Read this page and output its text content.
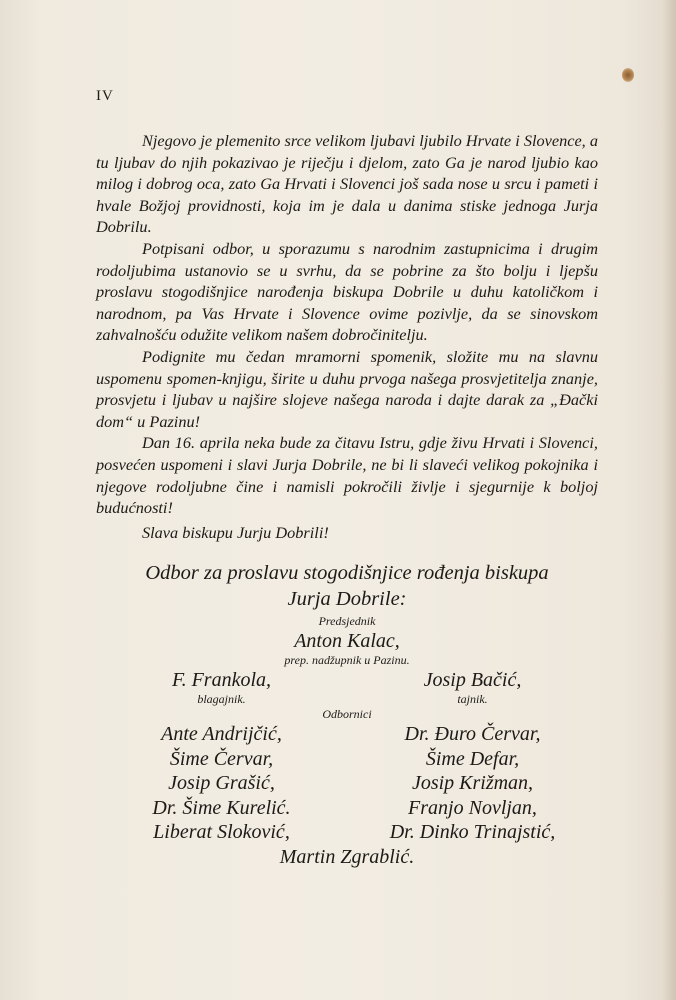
IV

Njegovo je plemenito srce velikom ljubavi ljubilo Hrvate i Slovence, a tu ljubav do njih pokazivao je riječju i djelom, zato Ga je narod ljubio kao milog i dobrog oca, zato Ga Hrvati i Slovenci još sada nose u srcu i pameti i hvale Božjoj providnosti, koja im je dala u danima stiske jednoga Jurja Dobrilu.

Potpisani odbor, u sporazumu s narodnim zastupnicima i drugim rodoljubima ustanovio se u svrhu, da se pobrine za što bolju i ljepšu proslavu stogodišnjice narođenja biskupa Dobrile u duhu katoličkom i narodnom, pa Vas Hrvate i Slovence ovime pozivlje, da se sinovskom zahvalnošću odužite velikom našem dobročinitelju.

Podignite mu čedan mramorni spomenik, složite mu na slavnu uspomenu spomen-knjigu, širite u duhu prvoga našega prosvjetitelja znanje, prosvjetu i ljubav u najšire slojeve našega naroda i dajte darak za „Đački dom“ u Pazinu!

Dan 16. aprila neka bude za čitavu Istru, gdje živu Hrvati i Slovenci, posvećen uspomeni i slavi Jurja Dobrile, ne bi li slaveći velikog pokojnika i njegove rodoljubne čine i namisli pokročili življe i sjegurnije k boljoj budućnosti!

Slava biskupu Jurju Dobrili!

Odbor za proslavu stogodišnjice rođenja biskupa

Jurja Dobrile:

Predsjednik
Anton Kalac,
prep. nadžupnik u Pazinu.
F. Frankola,
blagajnik.
Josip Bačić,
tajnik.
Odbornici
Ante Andrijčić,
Šime Červar,
Josip Grašić,
Dr. Šime Kurelić.
Liberat Sloković,
Dr. Đuro Červar,
Šime Defar,
Josip Križman,
Franjo Novljan,
Dr. Dinko Trinajstić,
Martin Zgrablić.
